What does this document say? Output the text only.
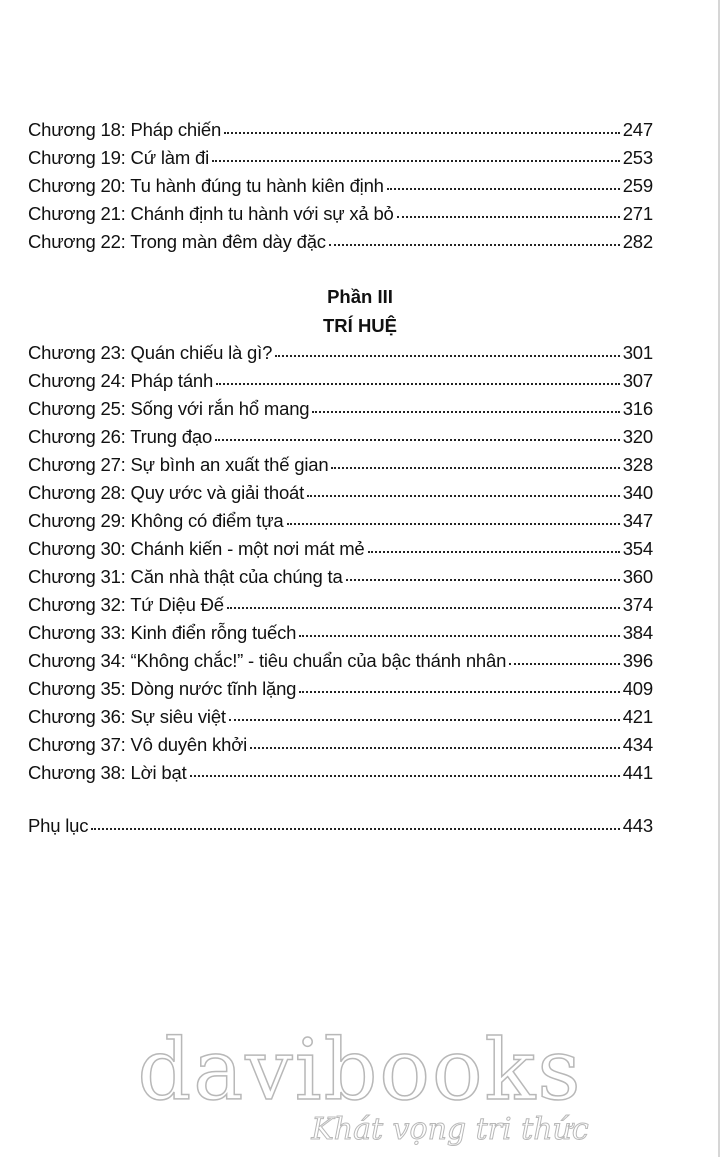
Chương 18: Pháp chiến	247
Chương 19: Cứ làm đi	253
Chương 20: Tu hành đúng tu hành kiên định	259
Chương 21: Chánh định tu hành với sự xả bỏ	271
Chương 22: Trong màn đêm dày đặc	282
Phần III
TRÍ HUỆ
Chương 23: Quán chiếu là gì?	301
Chương 24: Pháp tánh	307
Chương 25: Sống với rắn hổ mang	316
Chương 26: Trung đạo	320
Chương 27: Sự bình an xuất thế gian	328
Chương 28: Quy ước và giải thoát	340
Chương 29: Không có điểm tựa	347
Chương 30: Chánh kiến - một nơi mát mẻ	354
Chương 31: Căn nhà thật của chúng ta	360
Chương 32: Tứ Diệu Đế	374
Chương 33: Kinh điển rỗng tuếch	384
Chương 34: “Không chắc!” - tiêu chuẩn của bậc thánh nhân	396
Chương 35: Dòng nước tĩnh lặng	409
Chương 36: Sự siêu việt	421
Chương 37: Vô duyên khởi	434
Chương 38: Lời bạt	441
Phụ lục	443
davibooks
Khát vọng tri thức
